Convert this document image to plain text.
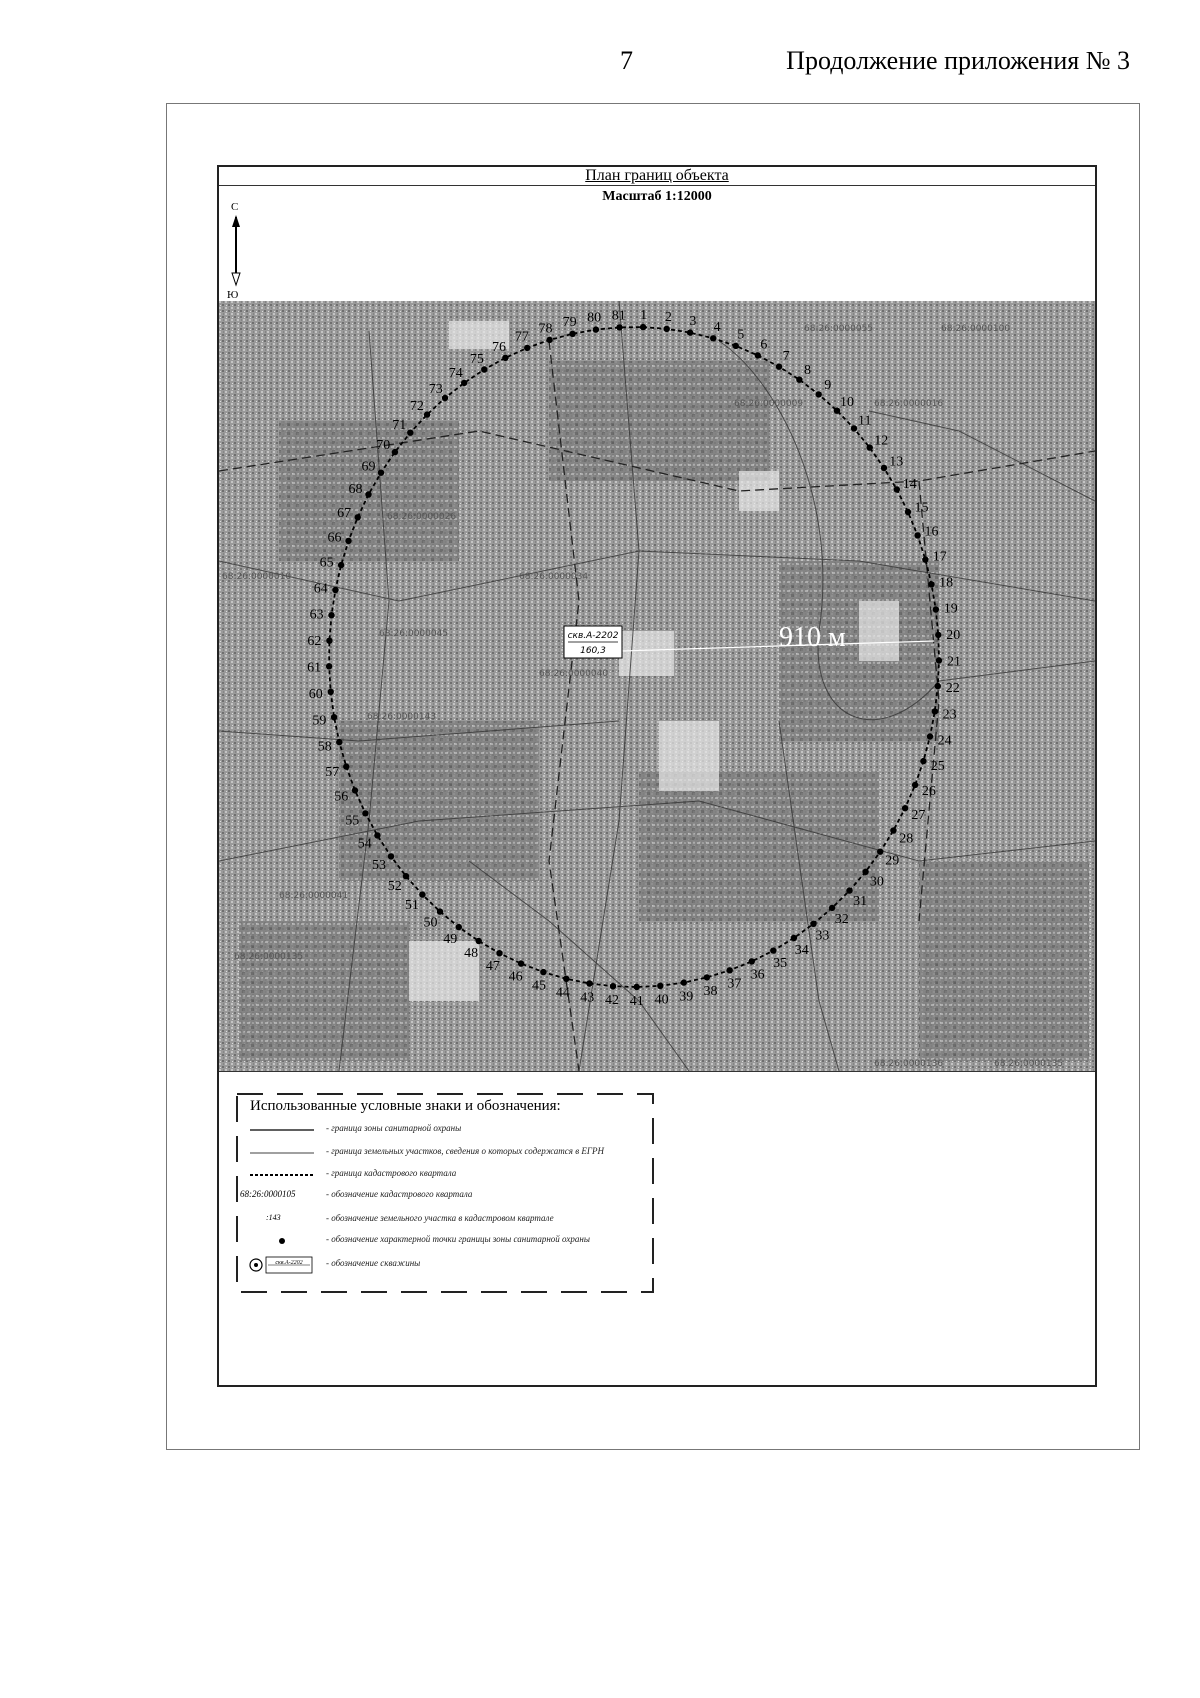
7	Продолжение приложения № 3
План границ объекта
Масштаб 1:12000
С
Ю
68:26:0000055	68:26:0000100
68:26:0000009	68:26:0000016
68:26:0000010
68:26:0000045
68:26:0000143
68:26:0000040
68:26:0000026
68:26:0000034
68:26:0000041
68:26:0000135
68:26:0000136	68:26:0000135
1 2 3 4
5
6
7
8
9
10
11
12
13
14
15
16
17
18
19
20
21
22
23
24
25
26
27
28
29
30
31
32
33
34
35
36
37
38
39
40
41
42
43
44
45
46
47
48
49
50
51
52
53
54
55
56
57
58
59
60
61
62
63
64
65
66
67
68
69
70
71
72
73
74
75
76
77
78 79 80 81
910 м
скв.А-2202
160,3
Использованные условные знаки и обозначения:
- граница зоны санитарной охраны
- граница земельных участков, сведения о которых содержатся в ЕГРН
- граница кадастрового квартала
68:26:0000105	- обозначение кадастрового квартала
:143	- обозначение земельного участка в кадастровом квартале
- обозначение характерной точки границы зоны санитарной охраны
скв.А-2202	- обозначение скважины
